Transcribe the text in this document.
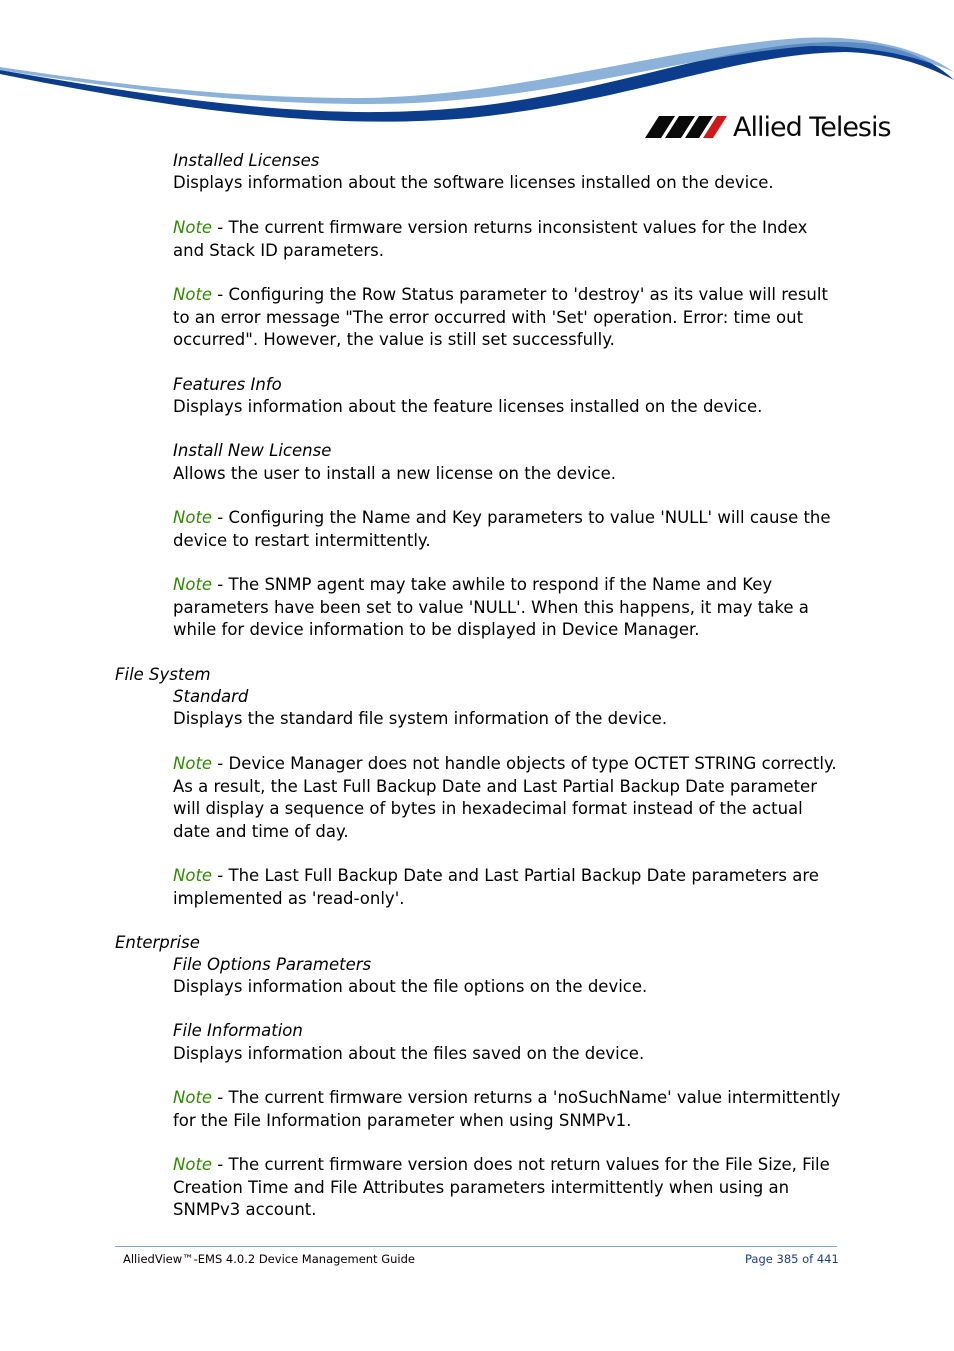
Allied Telesis
Installed Licenses
Displays information about the software licenses installed on the device.
Note - The current firmware version returns inconsistent values for the Index and Stack ID parameters.
Note - Configuring the Row Status parameter to 'destroy' as its value will result to an error message "The error occurred with 'Set' operation. Error: time out occurred". However, the value is still set successfully.
Features Info
Displays information about the feature licenses installed on the device.
Install New License
Allows the user to install a new license on the device.
Note - Configuring the Name and Key parameters to value 'NULL' will cause the device to restart intermittently.
Note - The SNMP agent may take awhile to respond if the Name and Key parameters have been set to value 'NULL'. When this happens, it may take a while for device information to be displayed in Device Manager.
File System
Standard
Displays the standard file system information of the device.
Note - Device Manager does not handle objects of type OCTET STRING correctly. As a result, the Last Full Backup Date and Last Partial Backup Date parameter will display a sequence of bytes in hexadecimal format instead of the actual date and time of day.
Note - The Last Full Backup Date and Last Partial Backup Date parameters are implemented as 'read-only'.
Enterprise
File Options Parameters
Displays information about the file options on the device.
File Information
Displays information about the files saved on the device.
Note - The current firmware version returns a 'noSuchName' value intermittently for the File Information parameter when using SNMPv1.
Note - The current firmware version does not return values for the File Size, File Creation Time and File Attributes parameters intermittently when using an SNMPv3 account.
AlliedView™-EMS 4.0.2 Device Management Guide	Page 385 of 441
